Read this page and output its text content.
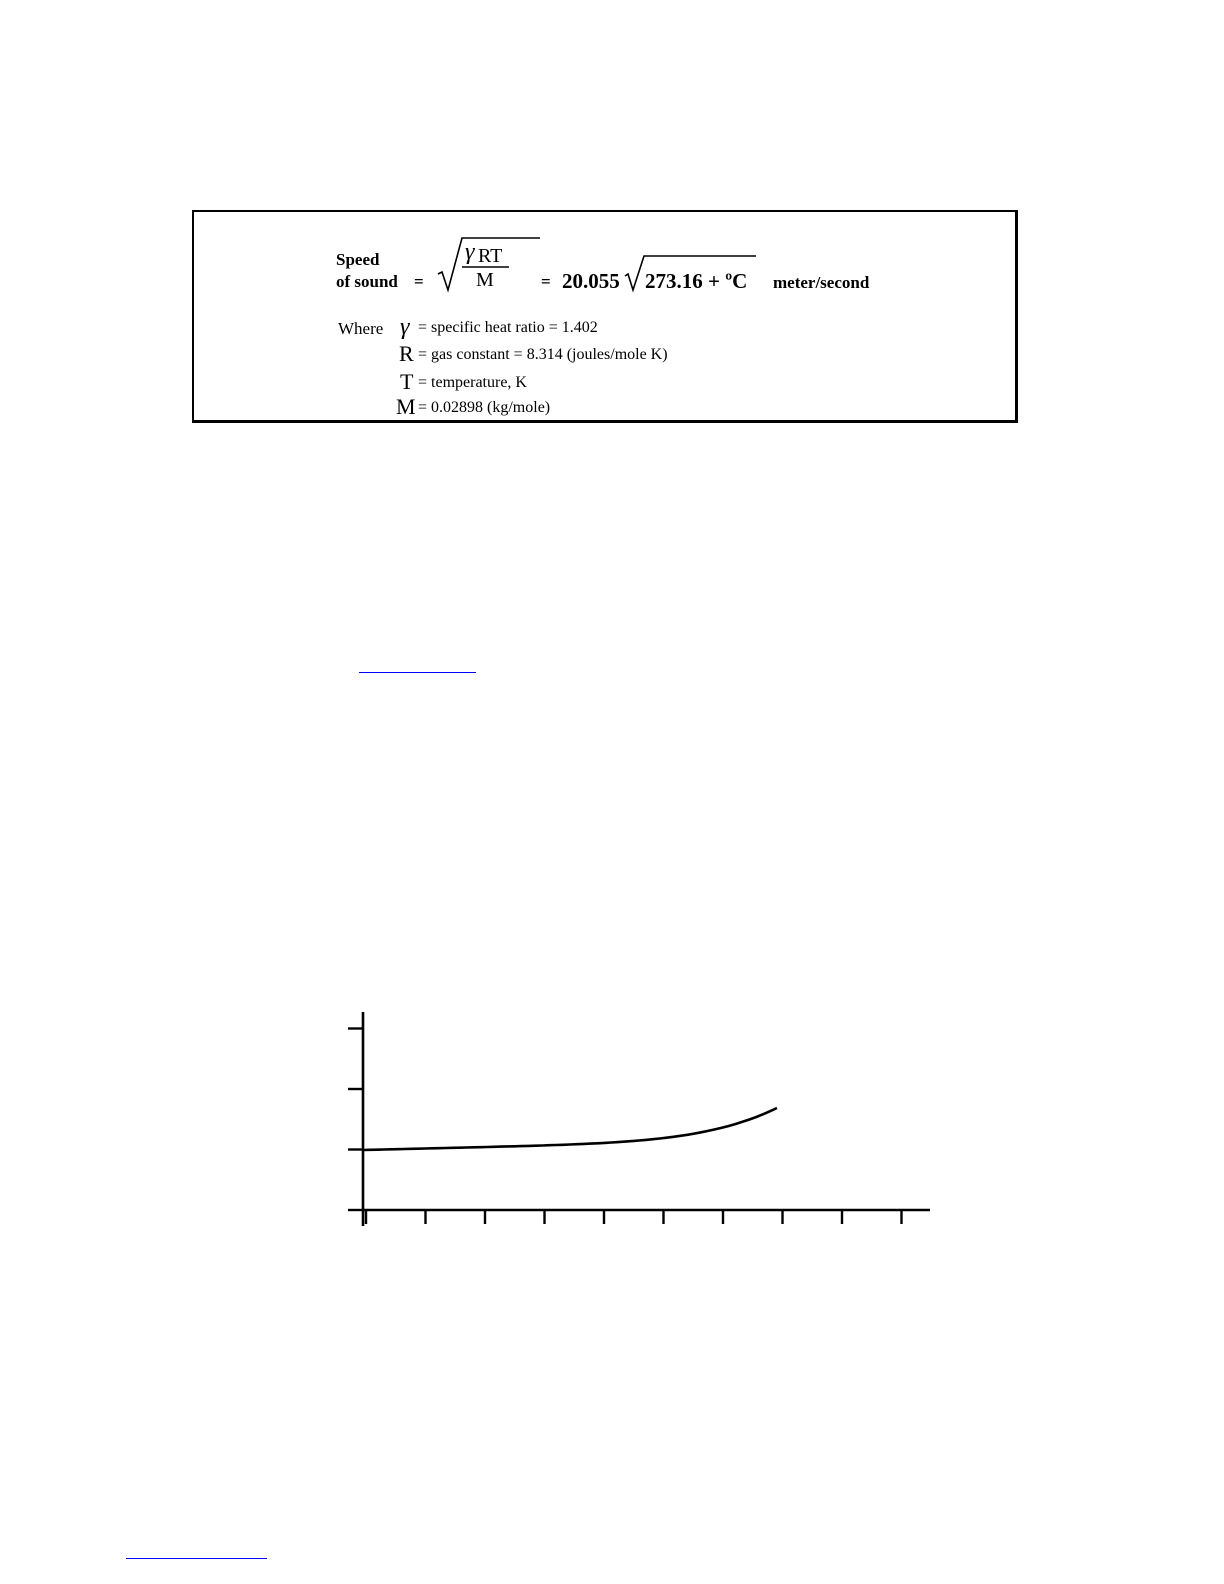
Speed
of sound =
γ RT
M	= 20.055 273.16 + ºC meter/second
Where γ = specific heat ratio = 1.402
R = gas constant = 8.314 (joules/mole K)
T = temperature, K
M = 0.02898 (kg/mole)
